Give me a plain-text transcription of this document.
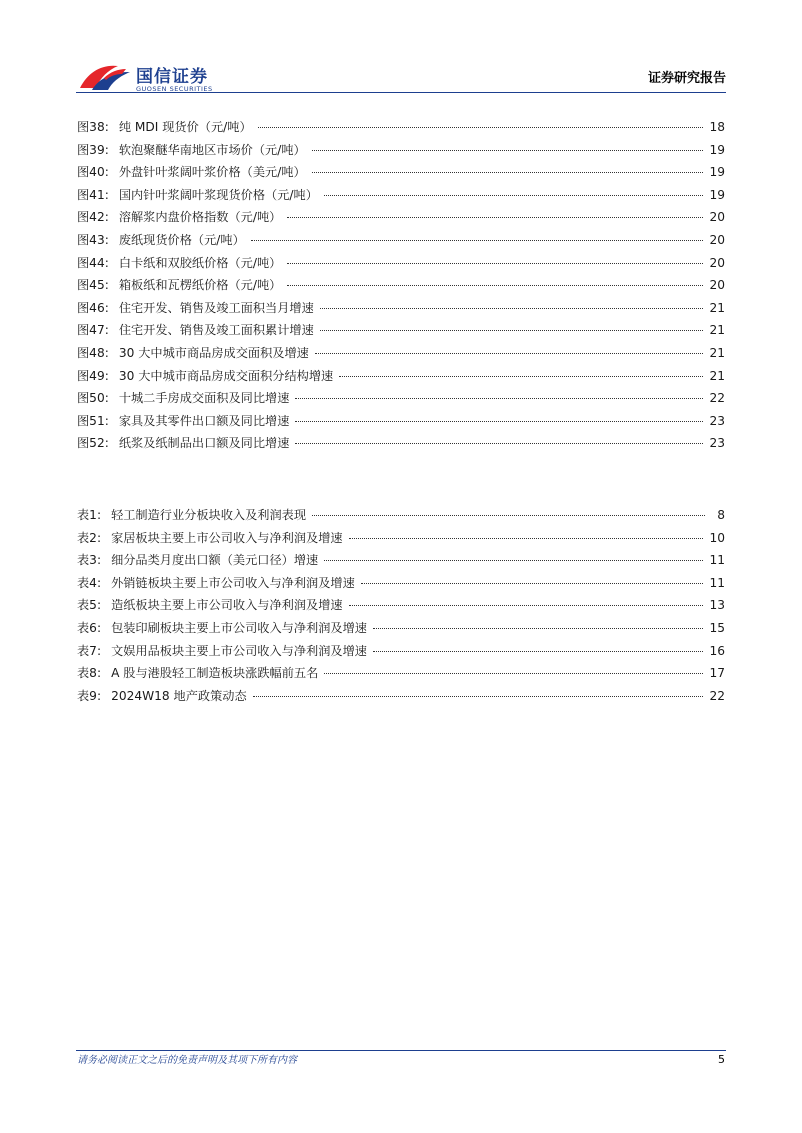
国信证券
GUOSEN SECURITIES
证券研究报告
图38: 纯 MDI 现货价（元/吨）	18
图39: 软泡聚醚华南地区市场价（元/吨）	19
图40: 外盘针叶浆阔叶浆价格（美元/吨）	19
图41: 国内针叶浆阔叶浆现货价格（元/吨）	19
图42: 溶解浆内盘价格指数（元/吨）	20
图43: 废纸现货价格（元/吨）	20
图44: 白卡纸和双胶纸价格（元/吨）	20
图45: 箱板纸和瓦楞纸价格（元/吨）	20
图46: 住宅开发、销售及竣工面积当月增速	21
图47: 住宅开发、销售及竣工面积累计增速	21
图48: 30 大中城市商品房成交面积及增速	21
图49: 30 大中城市商品房成交面积分结构增速	21
图50: 十城二手房成交面积及同比增速	22
图51: 家具及其零件出口额及同比增速	23
图52: 纸浆及纸制品出口额及同比增速	23
表1: 轻工制造行业分板块收入及利润表现	8
表2: 家居板块主要上市公司收入与净利润及增速	10
表3: 细分品类月度出口额（美元口径）增速	11
表4: 外销链板块主要上市公司收入与净利润及增速	11
表5: 造纸板块主要上市公司收入与净利润及增速	13
表6: 包装印刷板块主要上市公司收入与净利润及增速	15
表7: 文娱用品板块主要上市公司收入与净利润及增速	16
表8: A 股与港股轻工制造板块涨跌幅前五名	17
表9: 2024W18 地产政策动态	22
请务必阅读正文之后的免责声明及其项下所有内容	5
